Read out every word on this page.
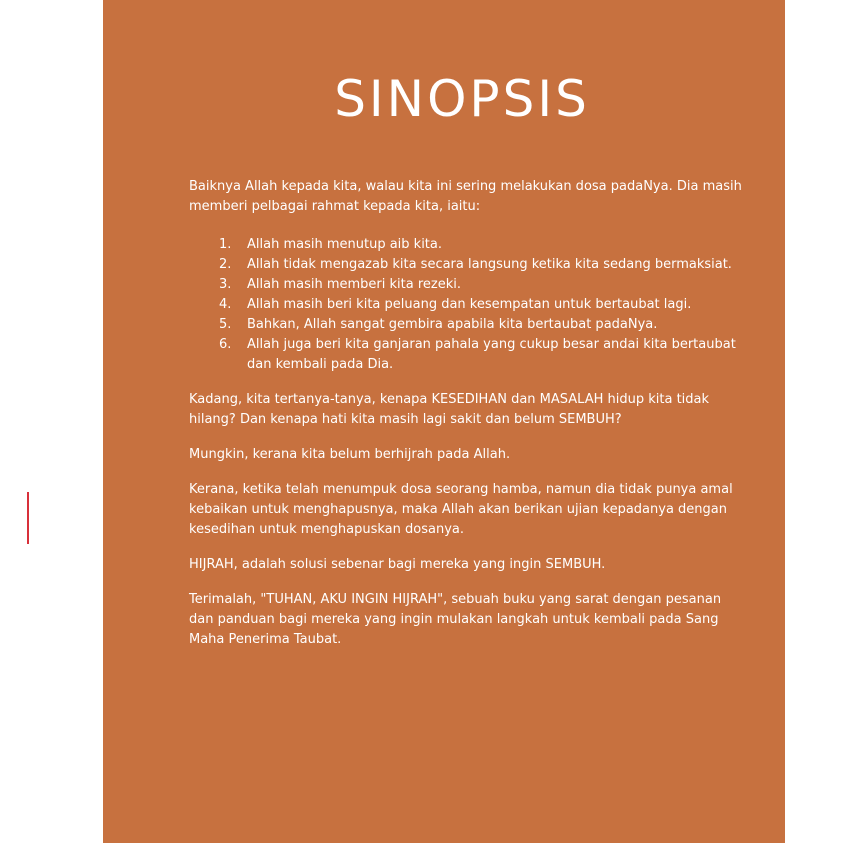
SINOPSIS

Baiknya Allah kepada kita, walau kita ini sering melakukan dosa padaNya. Dia masih memberi pelbagai rahmat kepada kita, iaitu:

1. Allah masih menutup aib kita.
2. Allah tidak mengazab kita secara langsung ketika kita sedang bermaksiat.
3. Allah masih memberi kita rezeki.
4. Allah masih beri kita peluang dan kesempatan untuk bertaubat lagi.
5. Bahkan, Allah sangat gembira apabila kita bertaubat padaNya.
6. Allah juga beri kita ganjaran pahala yang cukup besar andai kita bertaubat dan kembali pada Dia.

Kadang, kita tertanya-tanya, kenapa KESEDIHAN dan MASALAH hidup kita tidak hilang? Dan kenapa hati kita masih lagi sakit dan belum SEMBUH?

Mungkin, kerana kita belum berhijrah pada Allah.

Kerana, ketika telah menumpuk dosa seorang hamba, namun dia tidak punya amal kebaikan untuk menghapusnya, maka Allah akan berikan ujian kepadanya dengan kesedihan untuk menghapuskan dosanya.

HIJRAH, adalah solusi sebenar bagi mereka yang ingin SEMBUH.

Terimalah, "TUHAN, AKU INGIN HIJRAH", sebuah buku yang sarat dengan pesanan dan panduan bagi mereka yang ingin mulakan langkah untuk kembali pada Sang Maha Penerima Taubat.
